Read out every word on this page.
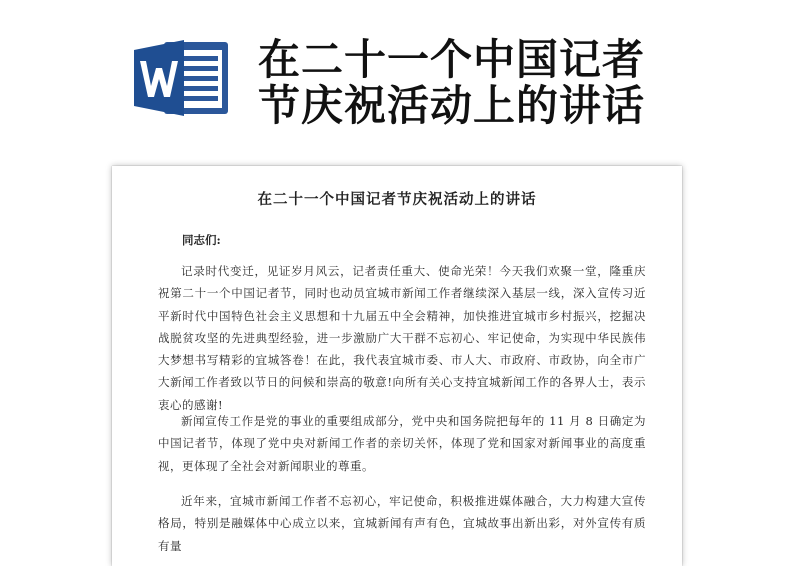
在二十一个中国记者
节庆祝活动上的讲话
在二十一个中国记者节庆祝活动上的讲话
同志们:

记录时代变迁，见证岁月风云，记者责任重大、使命光荣！今天我们欢聚一堂，隆重庆祝第二十一个中国记者节，同时也动员宜城市新闻工作者继续深入基层一线，深入宣传习近平新时代中国特色社会主义思想和十九届五中全会精神，加快推进宜城市乡村振兴，挖掘决战脱贫攻坚的先进典型经验，进一步激励广大干群不忘初心、牢记使命，为实现中华民族伟大梦想书写精彩的宜城答卷！在此，我代表宜城市委、市人大、市政府、市政协，向全市广大新闻工作者致以节日的问候和崇高的敬意!向所有关心支持宜城新闻工作的各界人士，表示衷心的感谢!

新闻宣传工作是党的事业的重要组成部分，党中央和国务院把每年的 11 月 8 日确定为中国记者节，体现了党中央对新闻工作者的亲切关怀，体现了党和国家对新闻事业的高度重视，更体现了全社会对新闻职业的尊重。

近年来，宜城市新闻工作者不忘初心，牢记使命，积极推进媒体融合，大力构建大宣传格局，特别是融媒体中心成立以来，宜城新闻有声有色，宜城故事出新出彩，对外宣传有质有量
